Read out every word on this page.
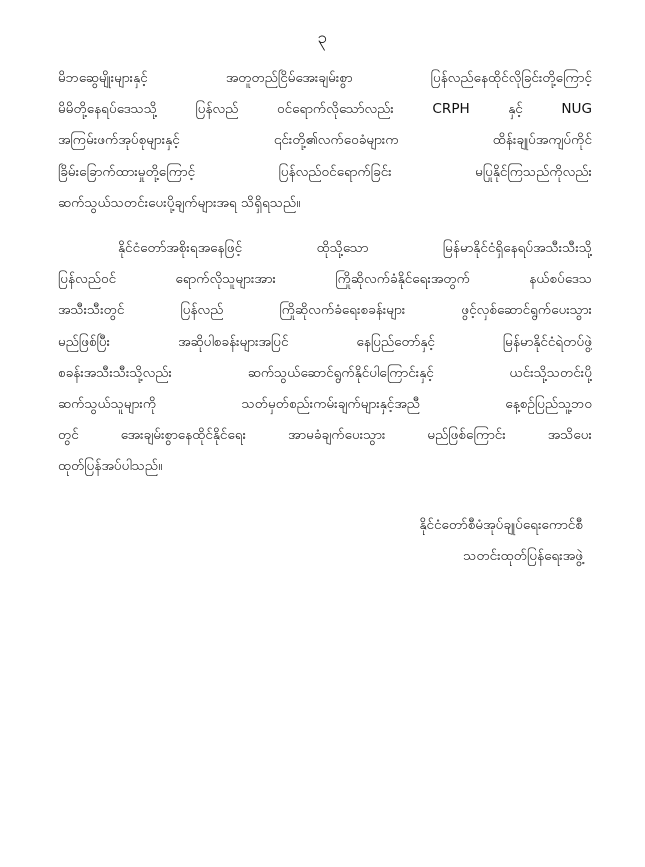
၃
မိဘဆွေမျိုးများနှင့် အတူတည်ငြိမ်အေးချမ်းစွာ ပြန်လည်နေထိုင်လိုခြင်းတို့ကြောင့်
မိမိတို့နေရပ်ဒေသသို့ ပြန်လည် ဝင်ရောက်လိုသော်လည်း CRPH နှင့် NUG
အကြမ်းဖက်အုပ်စုများနှင့် ၎င်းတို့၏လက်ဝေခံများက ထိန်းချုပ်အကျပ်ကိုင်
ခြိမ်းခြောက်ထားမှုတို့ကြောင့် ပြန်လည်ဝင်ရောက်ခြင်း မပြုနိုင်ကြသည်ကိုလည်း
ဆက်သွယ်သတင်းပေးပို့ချက်များအရ သိရှိရသည်။
နိုင်ငံတော်အစိုးရအနေဖြင့် ထိုသို့သော မြန်မာနိုင်ငံရှိနေရပ်အသီးသီးသို့
ပြန်လည်ဝင် ရောက်လိုသူများအား ကြိုဆိုလက်ခံနိုင်ရေးအတွက် နယ်စပ်ဒေသ
အသီးသီးတွင် ပြန်လည် ကြိုဆိုလက်ခံရေးစခန်းများ ဖွင့်လှစ်ဆောင်ရွက်ပေးသွား
မည်ဖြစ်ပြီး အဆိုပါစခန်းများအပြင် နေပြည်တော်နှင့် မြန်မာနိုင်ငံရဲတပ်ဖွဲ့
စခန်းအသီးသီးသို့လည်း ဆက်သွယ်ဆောင်ရွက်နိုင်ပါကြောင်းနှင့် ယင်းသို့သတင်းပို့
ဆက်သွယ်သူများကို သတ်မှတ်စည်းကမ်းချက်များနှင့်အညီ နေ့စဉ်ပြည်သူ့ဘဝ
တွင် အေးချမ်းစွာနေထိုင်နိုင်ရေး အာမခံချက်ပေးသွား မည်ဖြစ်ကြောင်း အသိပေး
ထုတ်ပြန်အပ်ပါသည်။
နိုင်ငံတော်စီမံအုပ်ချုပ်ရေးကောင်စီ
သတင်းထုတ်ပြန်ရေးအဖွဲ့
